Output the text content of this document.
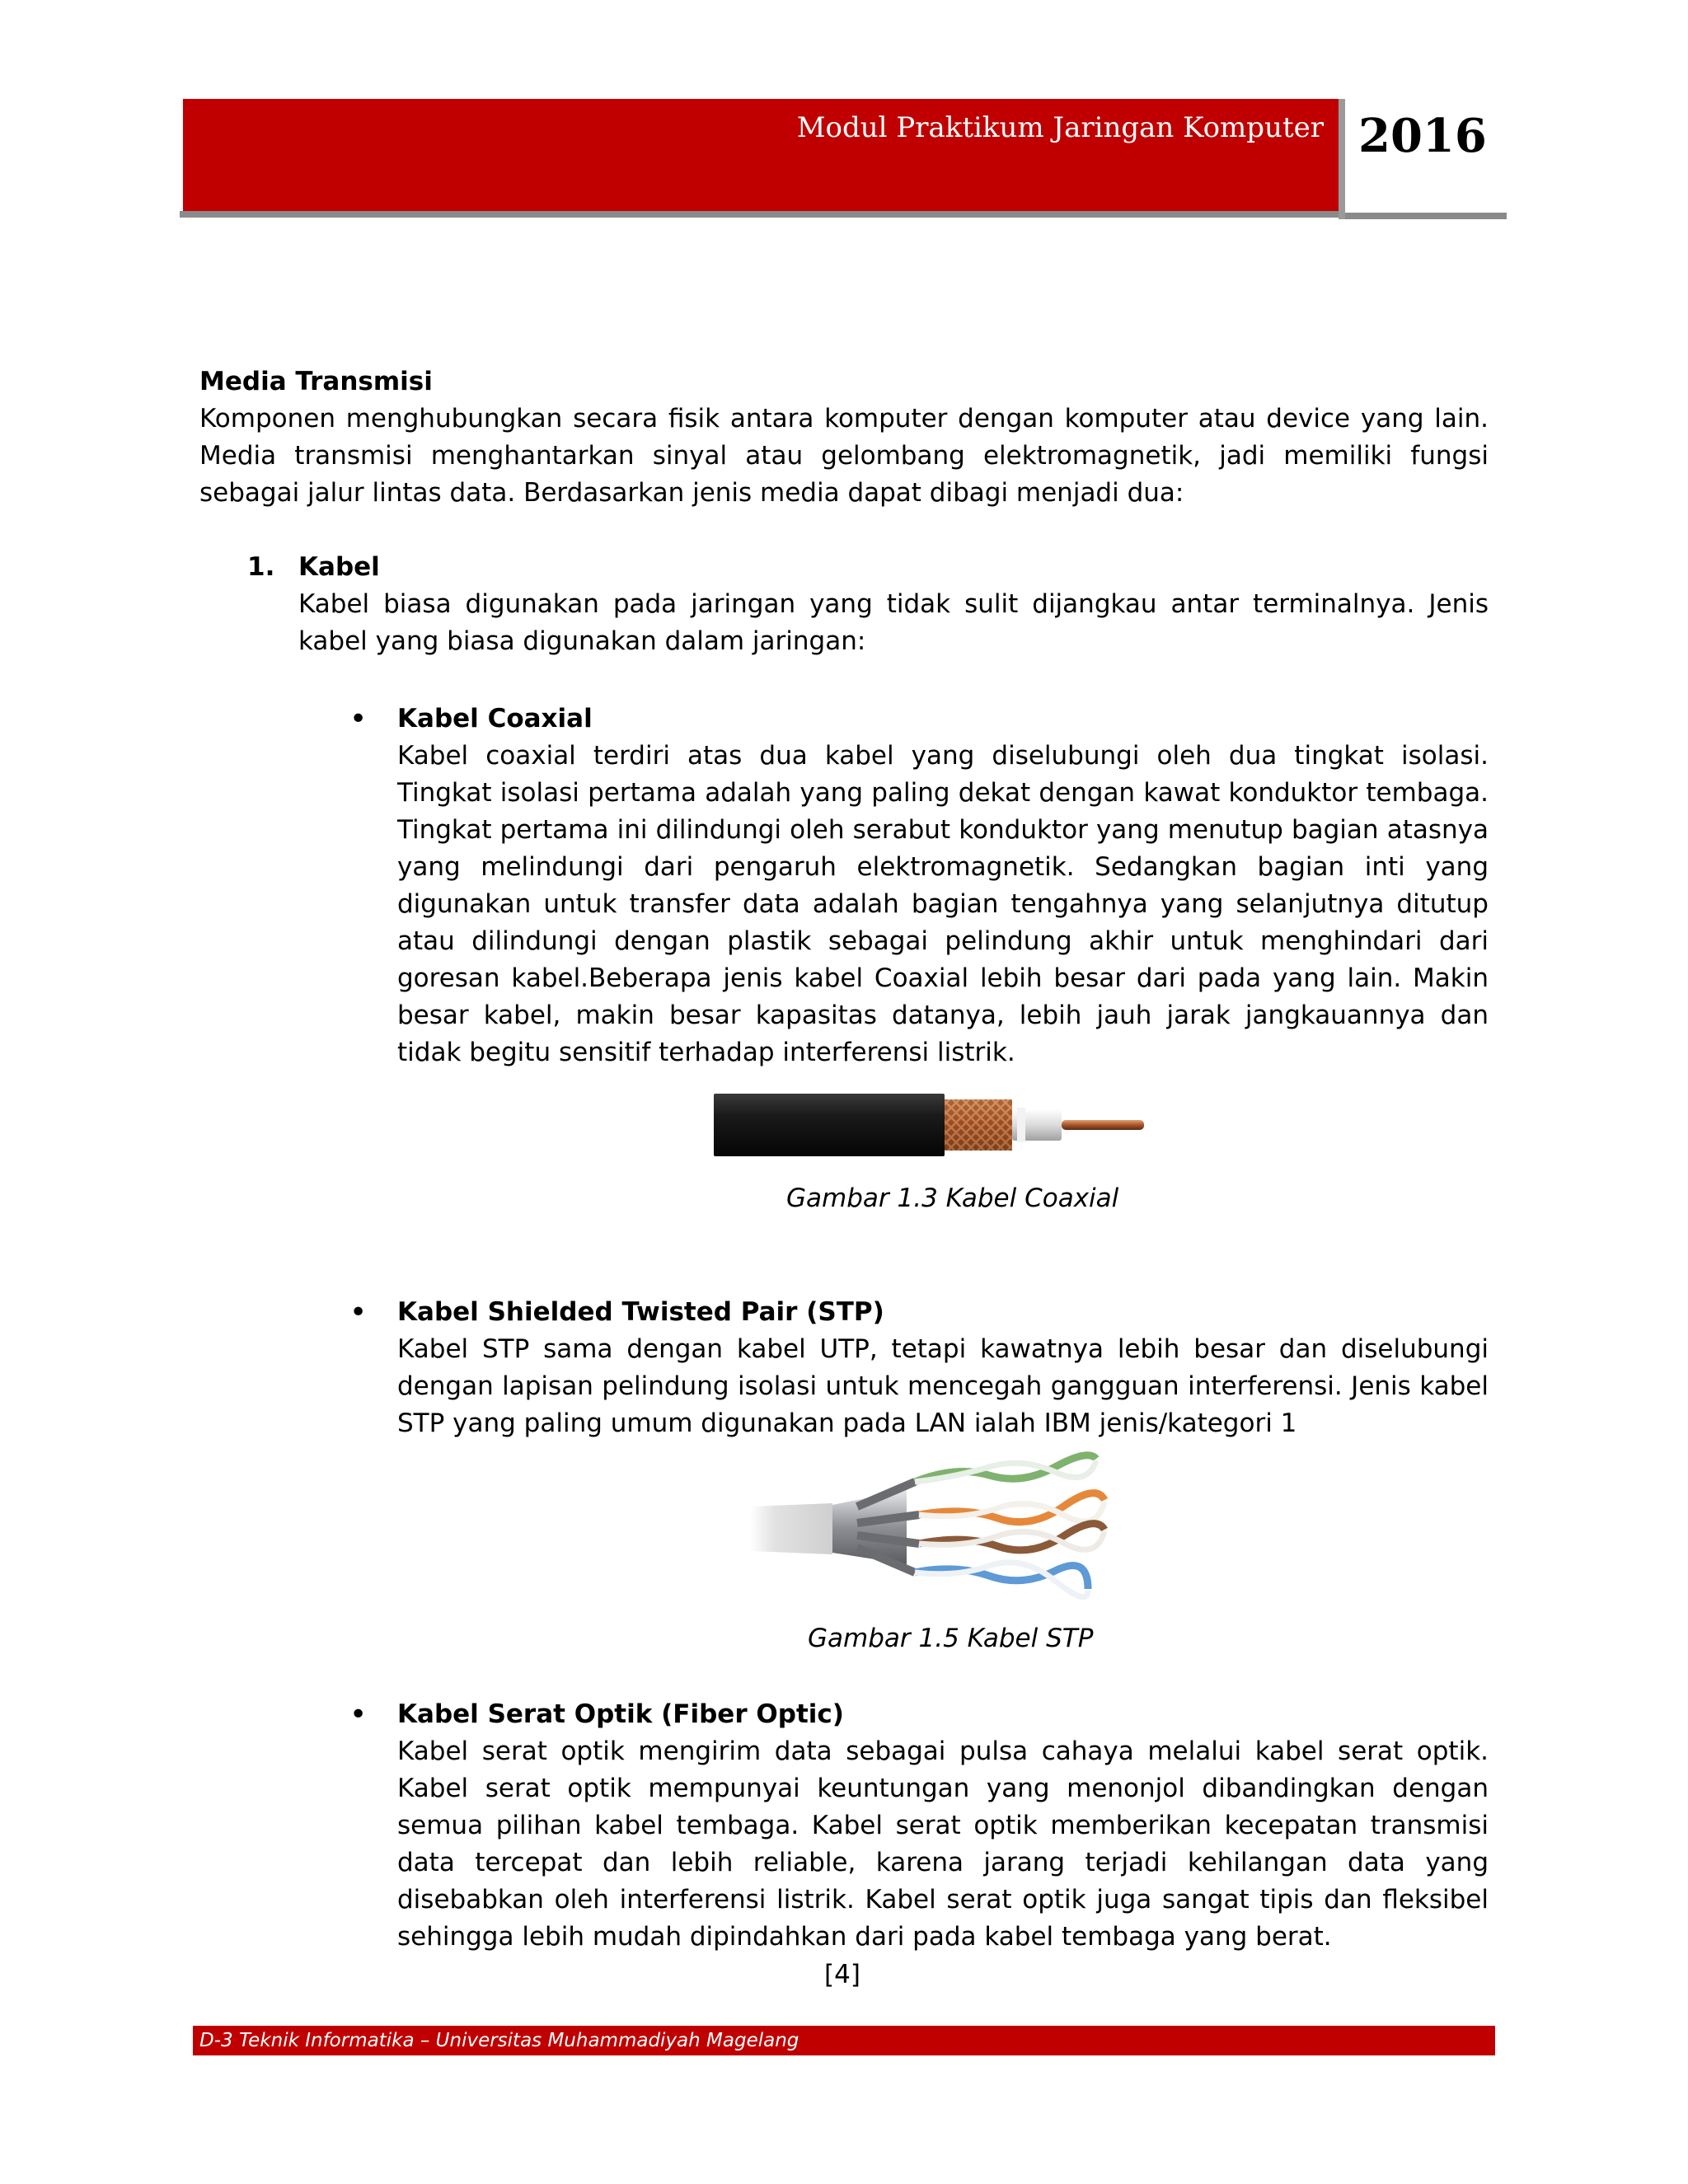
Modul Praktikum Jaringan Komputer 2016
Media Transmisi
Komponen menghubungkan secara fisik antara komputer dengan komputer atau device yang lain. Media transmisi menghantarkan sinyal atau gelombang elektromagnetik, jadi memiliki fungsi sebagai jalur lintas data. Berdasarkan jenis media dapat dibagi menjadi dua:
1. Kabel
Kabel biasa digunakan pada jaringan yang tidak sulit dijangkau antar terminalnya. Jenis kabel yang biasa digunakan dalam jaringan:
• Kabel Coaxial
Kabel coaxial terdiri atas dua kabel yang diselubungi oleh dua tingkat isolasi. Tingkat isolasi pertama adalah yang paling dekat dengan kawat konduktor tembaga. Tingkat pertama ini dilindungi oleh serabut konduktor yang menutup bagian atasnya yang melindungi dari pengaruh elektromagnetik. Sedangkan bagian inti yang digunakan untuk transfer data adalah bagian tengahnya yang selanjutnya ditutup atau dilindungi dengan plastik sebagai pelindung akhir untuk menghindari dari goresan kabel.Beberapa jenis kabel Coaxial lebih besar dari pada yang lain. Makin besar kabel, makin besar kapasitas datanya, lebih jauh jarak jangkauannya dan tidak begitu sensitif terhadap interferensi listrik.
Gambar 1.3 Kabel Coaxial
• Kabel Shielded Twisted Pair (STP)
Kabel STP sama dengan kabel UTP, tetapi kawatnya lebih besar dan diselubungi dengan lapisan pelindung isolasi untuk mencegah gangguan interferensi. Jenis kabel STP yang paling umum digunakan pada LAN ialah IBM jenis/kategori 1
Gambar 1.5 Kabel STP
• Kabel Serat Optik (Fiber Optic)
Kabel serat optik mengirim data sebagai pulsa cahaya melalui kabel serat optik. Kabel serat optik mempunyai keuntungan yang menonjol dibandingkan dengan semua pilihan kabel tembaga. Kabel serat optik memberikan kecepatan transmisi data tercepat dan lebih reliable, karena jarang terjadi kehilangan data yang disebabkan oleh interferensi listrik. Kabel serat optik juga sangat tipis dan fleksibel sehingga lebih mudah dipindahkan dari pada kabel tembaga yang berat.
[4]
D-3 Teknik Informatika – Universitas Muhammadiyah Magelang
